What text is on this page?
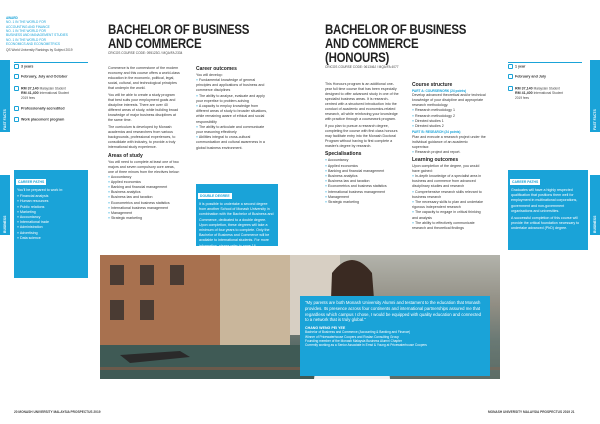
AWARD
NO. 1 IN THE WORLD FOR
ACCOUNTING AND FINANCE
NO. 1 IN THE WORLD FOR
BUSINESS AND MANAGEMENT STUDIES
NO. 1 IN THE WORLD FOR
ECONOMICS AND ECONOMETRICS
QS World University Rankings by Subject 2019
FAST FACTS
BUSINESS
3 years
February, July and October
RM 37,140 Malaysian Student
RM 41,400 International Student
2019 fees
Professionally accredited
Work placement program
CAREER PATHS

You'll be prepared to work in:

» Financial analysis
» Human resources
» Public relations
» Marketing
» Accountancy
» International trade
» Administration
» Advertising
» Data science
BACHELOR OF BUSINESS
AND COMMERCE
CRICOS COURSE CODE: 095123G / MQA/FA 2334

Commerce is the cornerstone of the modern economy and this course offers a world-class education in the economic, political, legal, social, cultural, and technological principles that underpin the world.

You will be able to create a study program that best suits your employment goals and discipline interests. There are over 40 different areas of study, while building broad knowledge of major business disciplines at the same time.

The curriculum is developed by Monash academics and researchers from various backgrounds, professional experiences, to consolidate with industry, to provide a truly international study experience.

Areas of study

You will need to complete at least one of two majors and seven compulsory core areas, one of three minors from the electives below:

» Accountancy
» Applied economics
» Banking and financial management
» Business analytics
» Business law and taxation
» Econometrics and business statistics
» International business management
» Management
» Strategic marketing
Career outcomes

You will develop:

» Fundamental knowledge of general principles and applications of business and commerce disciplines
» The ability to analyse, evaluate and apply your expertise to problem-solving
» A capacity to employ knowledge from different areas of study to broader situations, while remaining aware of ethical and social responsibility
» The ability to articulate and communicate your reasoning effectively
» Abilities integral to cross-cultural communication and cultural awareness in a global business environment.
DOUBLE DEGREE

It is possible to undertake a second degree from another School of Monash University in combination with the Bachelor of Business and Commerce, dedicated to a double degree. Upon completion, these degrees will take a minimum of four years to complete. Only the Bachelor of Business and Commerce will be available to international students. For more information, please refer to page 16.

"My parents are both Monash University Alumni and testament to the education that Monash provides. Its presence across four continents and international partnerships assured me that regardless which campus I chose, I would be equipped with quality education and connected to a network that is truly global."

CHANG WENG PEI YEE
Bachelor of Business and Commerce (Accounting & Banking and Finance)
Winner of Pricewaterhouse Coopers and Roslan Consulting Group
Founding member of the Monash Malaysia Business Alumni Chapter
Currently working as a Senior Associate in Ernst & Young at Pricewaterhouse Coopers
BACHELOR OF BUSINESS
AND COMMERCE
(HONOURS)
CRICOS COURSE CODE: 061346J / MQA/FA 4077

This Honours program is an additional one-year full time course that has been especially designed to offer advanced study in one of the specialist business areas. It is research-centred with a structured introduction into the conduct of academic and economics-related research, all while reinforcing your knowledge with practice through a coursework program.

If you plan to pursue a research degree, completing the course with first class honours may facilitate entry into the Monash Doctoral Program without having to first complete a master's degree by research.

Specialisations
» Accountancy
» Applied economics
» Banking and financial management
» Business analytics
» Business law and taxation
» Econometrics and business statistics
» International business management
» Management
» Strategic marketing
Course structure
PART A: COURSEWORK (24 points)

Develop advanced theoretical and/or technical knowledge of your discipline and appropriate research methodology.

» Research methodology 1
» Research methodology 2
» Directed studies 1
» Directed studies 2
PART B: RESEARCH (24 points)

Plan and execute a research project under the individual guidance of an academic supervisor.

» Research project and report.
Learning outcomes

Upon completion of the degree, you would have gained:

» In-depth knowledge of a specialist area in business and commerce from advanced disciplinary studies and research
» Comprehensive research skills relevant to business research
» The necessary skills to plan and undertake rigorous independent research
» The capacity to engage in critical thinking and analysis
» The ability to effectively communicate research and theoretical findings
1 year
February and July
RM 37,140 Malaysian Student
RM 41,400 International Student
2019 fees
CAREER PATHS

Graduates will have a highly respected qualification that positions them well for employment in multinational corporations, government and non-government organisations and universities.

A successful completion of this course will provide the critical foundation necessary to undertake advanced (PhD) degree.

FAST FACTS
BUSINESS
20 MONASH UNIVERSITY MALAYSIA PROSPECTUS 2019	MONASH UNIVERSITY MALAYSIA PROSPECTUS 2019 21
